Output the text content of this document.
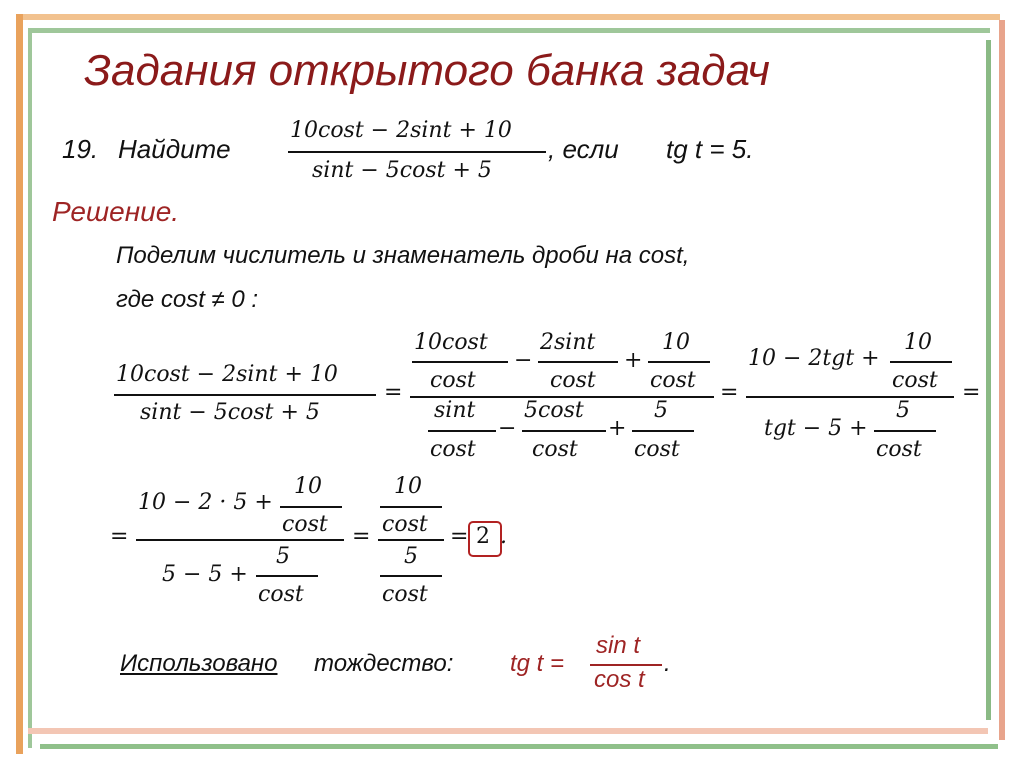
Задания открытого банка задач
19. Найдите
10cost − 2sint + 10
sint − 5cost + 5
, если tg t = 5.
Решение.
Поделим числитель и знаменатель дроби на cost,
где cost ≠ 0 :
10cost − 2sint + 10
sint − 5cost + 5
=
10cost
cost
−
2sint
cost
+
10
cost
sint
cost
−
5cost
cost
+
5
cost
=
10 − 2tgt +
10
cost
tgt − 5 +
5
cost
=
=
10 − 2 · 5 +
10
cost
5 − 5 +
5
cost
=
10
cost
5
cost
= 2 .
Использовано тождество: tg t =
sin t
cos t
.
